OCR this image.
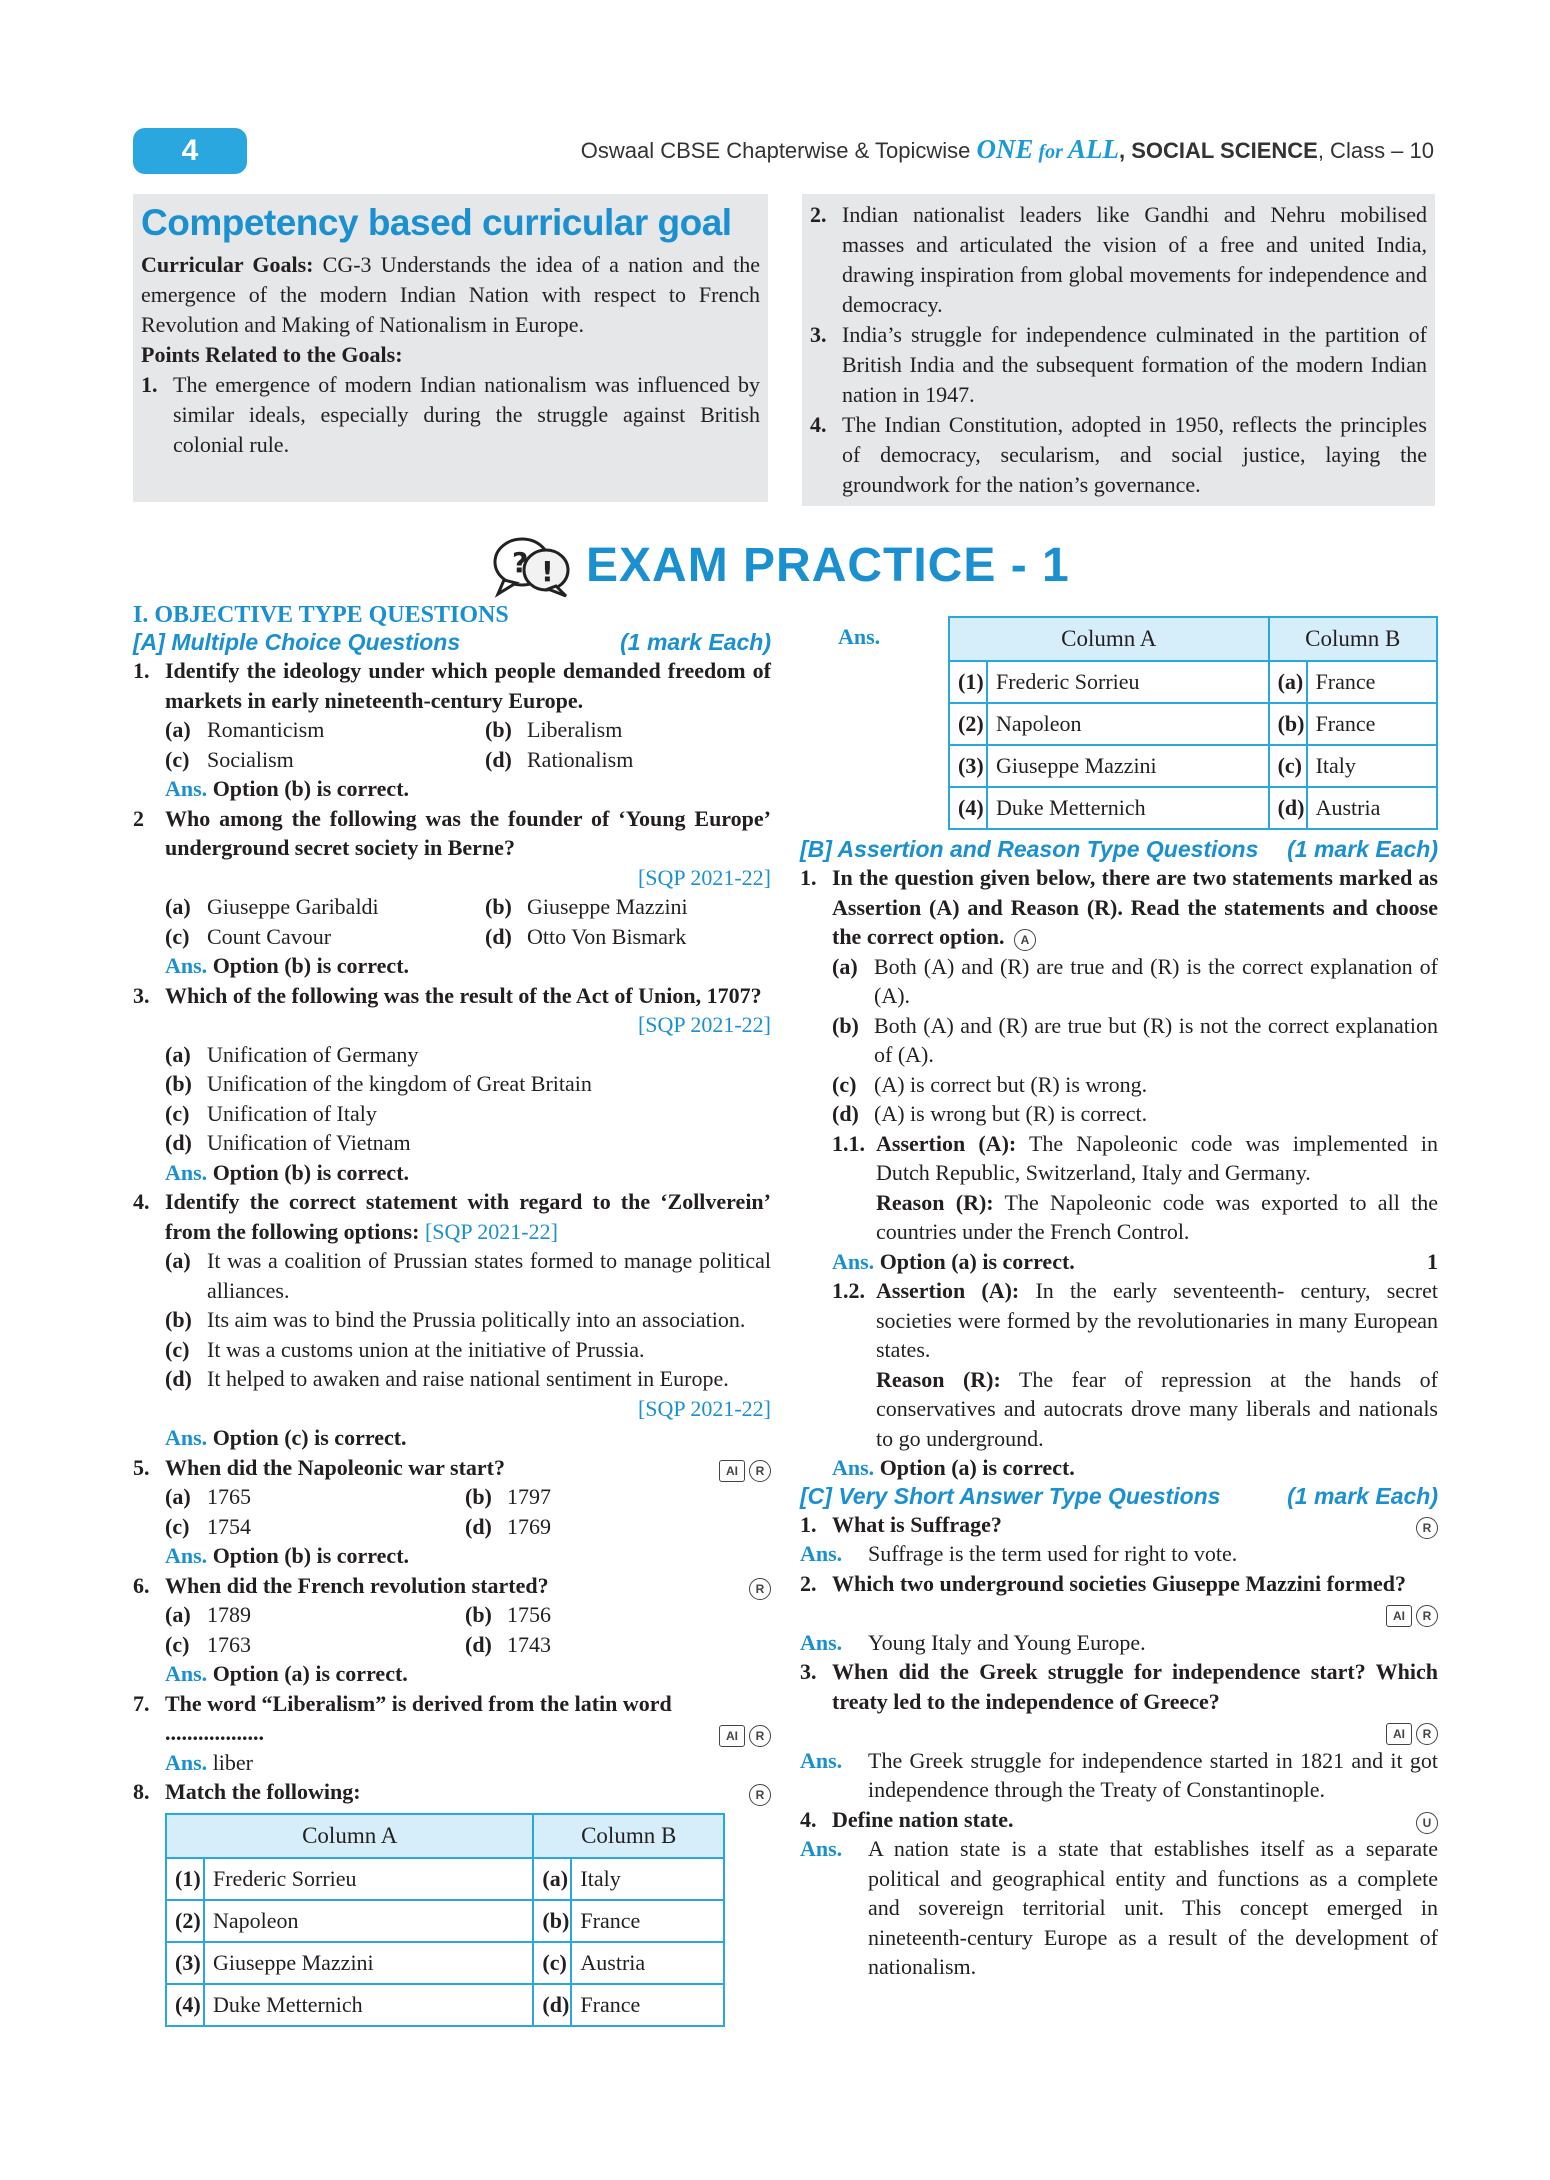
4	Oswaal CBSE Chapterwise & Topicwise ONE for ALL, SOCIAL SCIENCE, Class – 10
Competency based curricular goal
Curricular Goals: CG-3 Understands the idea of a nation and the emergence of the modern Indian Nation with respect to French Revolution and Making of Nationalism in Europe.
Points Related to the Goals:
1. The emergence of modern Indian nationalism was influenced by similar ideals, especially during the struggle against British colonial rule.
2. Indian nationalist leaders like Gandhi and Nehru mobilised masses and articulated the vision of a free and united India, drawing inspiration from global movements for independence and democracy.
3. India’s struggle for independence culminated in the partition of British India and the subsequent formation of the modern Indian nation in 1947.
4. The Indian Constitution, adopted in 1950, reflects the principles of democracy, secularism, and social justice, laying the groundwork for the nation’s governance.
? ! EXAM PRACTICE - 1
I. OBJECTIVE TYPE QUESTIONS
[A] Multiple Choice Questions	(1 mark Each)
1. Identify the ideology under which people demanded freedom of markets in early nineteenth-century Europe.
(a) Romanticism	(b) Liberalism
(c) Socialism	(d) Rationalism
Ans. Option (b) is correct.
2 Who among the following was the founder of ‘Young Europe’ underground secret society in Berne?
[SQP 2021-22]
(a) Giuseppe Garibaldi	(b) Giuseppe Mazzini
(c) Count Cavour	(d) Otto Von Bismark
Ans. Option (b) is correct.
3. Which of the following was the result of the Act of Union, 1707?
[SQP 2021-22]
(a) Unification of Germany
(b) Unification of the kingdom of Great Britain
(c) Unification of Italy
(d) Unification of Vietnam
Ans. Option (b) is correct.
4. Identify the correct statement with regard to the ‘Zollverein’ from the following options: [SQP 2021-22]
(a) It was a coalition of Prussian states formed to manage political alliances.
(b) Its aim was to bind the Prussia politically into an association.
(c) It was a customs union at the initiative of Prussia.
(d) It helped to awaken and raise national sentiment in Europe.
[SQP 2021-22]
Ans. Option (c) is correct.
5. When did the Napoleonic war start?	AI R
(a) 1765	(b) 1797
(c) 1754	(d) 1769
Ans. Option (b) is correct.
6. When did the French revolution started?	R
(a) 1789	(b) 1756
(c) 1763	(d) 1743
Ans. Option (a) is correct.
7. The word “Liberalism” is derived from the latin word
..................	AI R
Ans. liber
8. Match the following:	R
Column A		Column B	
(1)	Frederic Sorrieu	(a)	Italy
(2)	Napoleon	(b)	France
(3)	Giuseppe Mazzini	(c)	Austria
(4)	Duke Metternich	(d)	France
Ans.	Column A		Column B	
(1)	Frederic Sorrieu	(a)	France
(2)	Napoleon	(b)	France
(3)	Giuseppe Mazzini	(c)	Italy
(4)	Duke Metternich	(d)	Austria
[B] Assertion and Reason Type Questions (1 mark Each)
1. In the question given below, there are two statements marked as Assertion (A) and Reason (R). Read the statements and choose the correct option. A
(a) Both (A) and (R) are true and (R) is the correct explanation of (A).
(b) Both (A) and (R) are true but (R) is not the correct explanation of (A).
(c) (A) is correct but (R) is wrong.
(d) (A) is wrong but (R) is correct.
1.1. Assertion (A): The Napoleonic code was implemented in Dutch Republic, Switzerland, Italy and Germany.
Reason (R): The Napoleonic code was exported to all the countries under the French Control.
Ans. Option (a) is correct.	1
1.2. Assertion (A): In the early seventeenth- century, secret societies were formed by the revolutionaries in many European states.
Reason (R): The fear of repression at the hands of conservatives and autocrats drove many liberals and nationals to go underground.
Ans. Option (a) is correct.
[C] Very Short Answer Type Questions	(1 mark Each)
1. What is Suffrage?	R
Ans.	Suffrage is the term used for right to vote.
2. Which two underground societies Giuseppe Mazzini formed?
AI R
Ans.	Young Italy and Young Europe.
3. When did the Greek struggle for independence start? Which treaty led to the independence of Greece?
AI R
Ans.	The Greek struggle for independence started in 1821 and it got independence through the Treaty of Constantinople.
4. Define nation state.	U
Ans.	A nation state is a state that establishes itself as a separate political and geographical entity and functions as a complete and sovereign territorial unit. This concept emerged in nineteenth-century Europe as a result of the development of nationalism.
